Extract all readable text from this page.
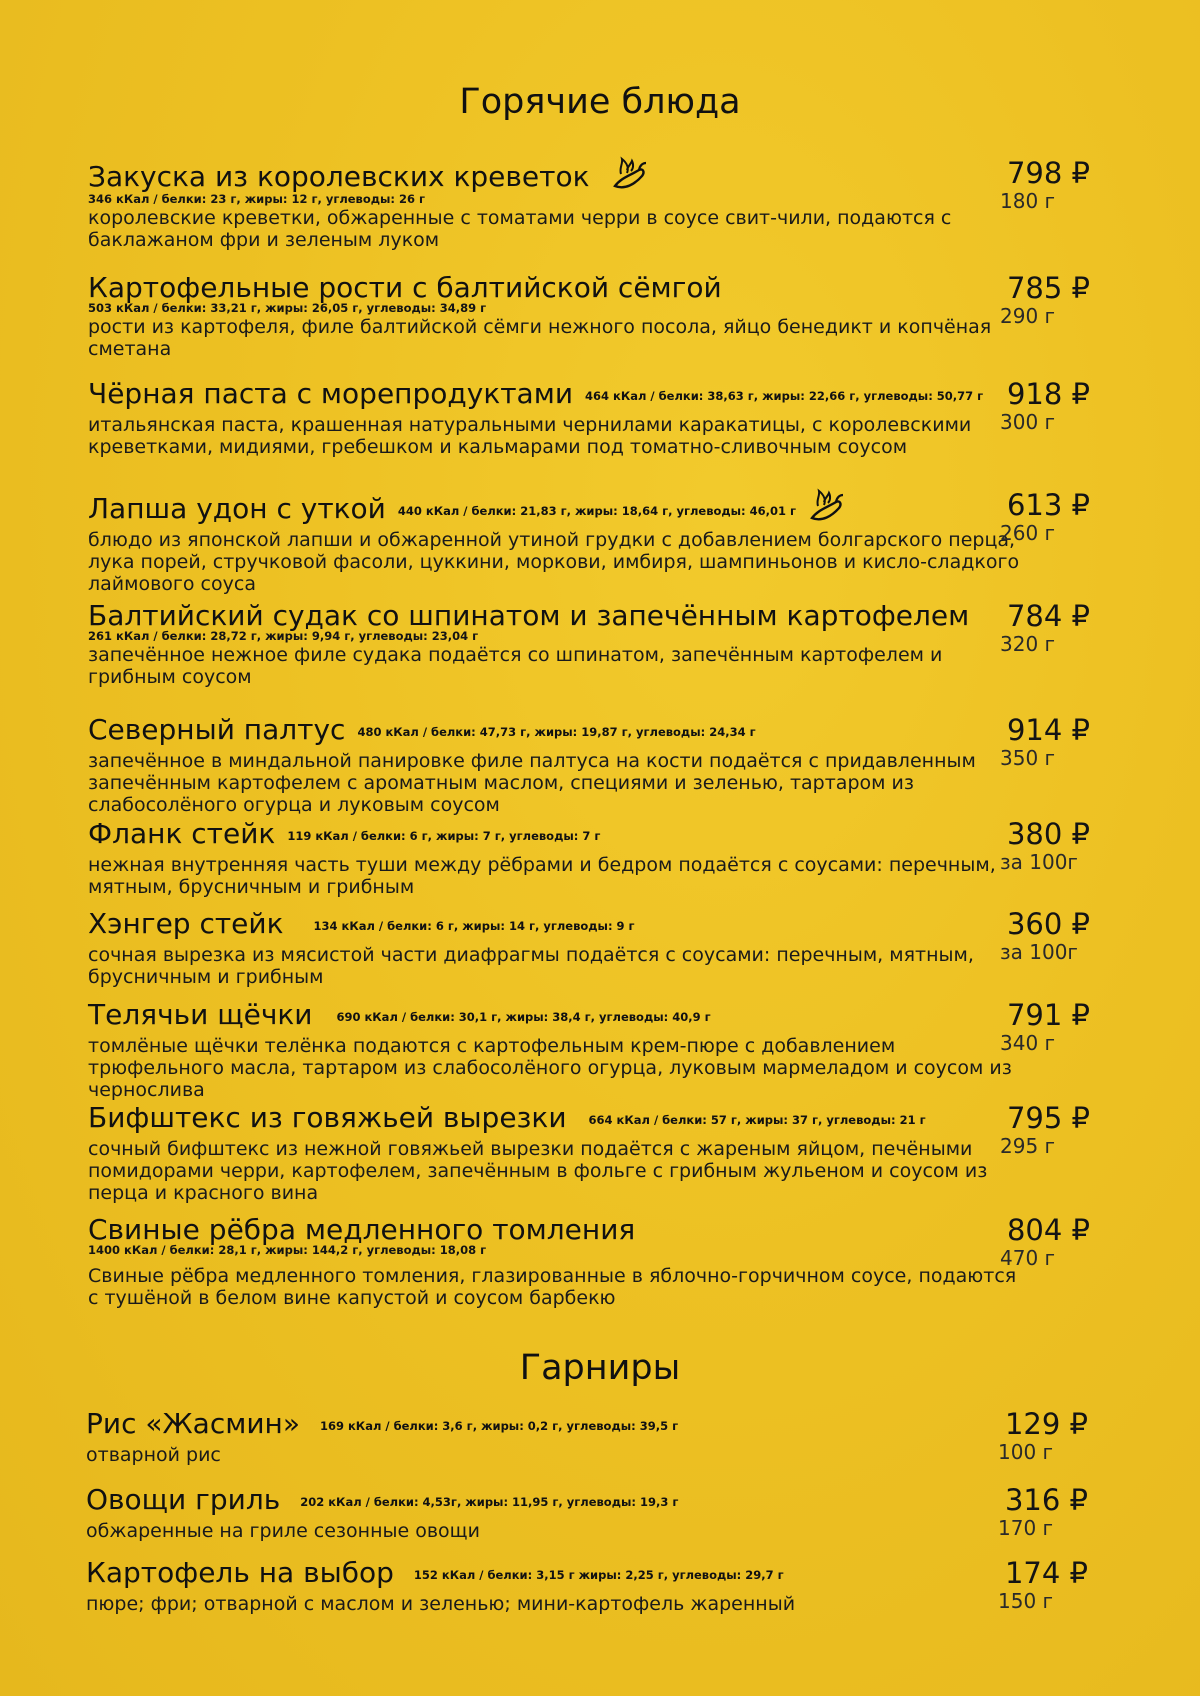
Горячие блюда
Закуска из королевских креветок
346 кКал / белки: 23 г, жиры: 12 г, углеводы: 26 г
королевские креветки, обжаренные с томатами черри в соусе свит-чили, подаются с баклажаном фри и зеленым луком
798 ₽
180 г
Картофельные рости с балтийской сёмгой
503 кКал / белки: 33,21 г, жиры: 26,05 г, углеводы: 34,89 г
рости из картофеля, филе балтийской сёмги нежного посола, яйцо бенедикт и копчёная сметана
785 ₽
290 г
Чёрная паста с морепродуктами 464 кКал / белки: 38,63 г, жиры: 22,66 г, углеводы: 50,77 г
итальянская паста, крашенная натуральными чернилами каракатицы, с королевскими креветками, мидиями, гребешком и кальмарами под томатно-сливочным соусом
918 ₽
300 г
Лапша удон с уткой 440 кКал / белки: 21,83 г, жиры: 18,64 г, углеводы: 46,01 г
блюдо из японской лапши и обжаренной утиной грудки с добавлением болгарского перца, лука порей, стручковой фасоли, цуккини, моркови, имбиря, шампиньонов и кисло-сладкого лаймового соуса
613 ₽
260 г
Балтийский судак со шпинатом и запечённым картофелем
261 кКал / белки: 28,72 г, жиры: 9,94 г, углеводы: 23,04 г
запечённое нежное филе судака подаётся со шпинатом, запечённым картофелем и грибным соусом
784 ₽
320 г
Северный палтус 480 кКал / белки: 47,73 г, жиры: 19,87 г, углеводы: 24,34 г
запечённое в миндальной панировке филе палтуса на кости подаётся с придавленным запечённым картофелем с ароматным маслом, специями и зеленью, тартаром из слабосолёного огурца и луковым соусом
914 ₽
350 г
Фланк стейк 119 кКал / белки: 6 г, жиры: 7 г, углеводы: 7 г
нежная внутренняя часть туши между рёбрами и бедром подаётся с соусами: перечным, мятным, брусничным и грибным
380 ₽
за 100г
Хэнгер стейк	134 кКал / белки: 6 г, жиры: 14 г, углеводы: 9 г
сочная вырезка из мясистой части диафрагмы подаётся с соусами: перечным, мятным, брусничным и грибным
360 ₽
за 100г
Телячьи щёчки 690 кКал / белки: 30,1 г, жиры: 38,4 г, углеводы: 40,9 г
томлёные щёчки телёнка подаются с картофельным крем-пюре с добавлением трюфельного масла, тартаром из слабосолёного огурца, луковым мармеладом и соусом из чернослива
791 ₽
340 г
Бифштекс из говяжьей вырезки 664 кКал / белки: 57 г, жиры: 37 г, углеводы: 21 г
сочный бифштекс из нежной говяжьей вырезки подаётся с жареным яйцом, печёными помидорами черри, картофелем, запечённым в фольге с грибным жульеном и соусом из перца и красного вина
795 ₽
295 г
Свиные рёбра медленного томления
1400 кКал / белки: 28,1 г, жиры: 144,2 г, углеводы: 18,08 г
Свиные рёбра медленного томления, глазированные в яблочно-горчичном соусе, подаются с тушёной в белом вине капустой и соусом барбекю
804 ₽
470 г
Гарниры
Рис «Жасмин» 169 кКал / белки: 3,6 г, жиры: 0,2 г, углеводы: 39,5 г
отварной рис
129 ₽
100 г
Овощи гриль 202 кКал / белки: 4,53г, жиры: 11,95 г, углеводы: 19,3 г
обжаренные на гриле сезонные овощи
316 ₽
170 г
Картофель на выбор 152 кКал / белки: 3,15 г жиры: 2,25 г, углеводы: 29,7 г
пюре; фри; отварной с маслом и зеленью; мини-картофель жаренный
174 ₽
150 г
